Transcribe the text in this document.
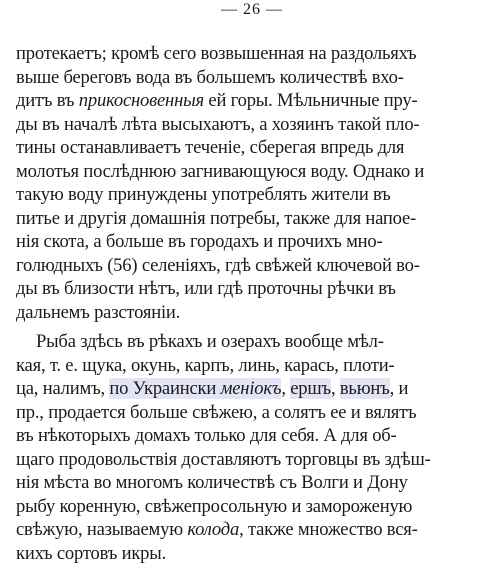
— 26 —
протекаетъ; кромѣ сего возвышенная на раздольяхъ
выше береговъ вода въ большемъ количествѣ вхо-
дитъ въ прикосновенныя ей горы. Мѣльничные пру-
ды въ началѣ лѣта высыхаютъ, а хозяинъ такой пло-
тины останавливаетъ теченіе, сберегая впредь для
молотья послѣднюю загнивающуюся воду. Однако и
такую воду принуждены употреблять жители въ
питье и другія домашнія потребы, также для напое-
нія скота, а больше въ городахъ и прочихъ мно-
голюдныхъ (56) селеніяхъ, гдѣ свѣжей ключевой во-
ды въ близости нѣтъ, или гдѣ проточны рѣчки въ
дальнемъ разстояніи.
Рыба здѣсь въ рѣкахъ и озерахъ вообще мѣл-
кая, т. е. щука, окунь, карпъ, линь, карась, плоти-
ца, налимъ, по Украински меніокъ, ершъ, вьюнъ, и
пр., продается больше свѣжею, а солятъ ее и вялятъ
въ нѣкоторыхъ домахъ только для себя. А для об-
щаго продовольствія доставляютъ торговцы въ здѣш-
нія мѣста во многомъ количествѣ съ Волги и Дону
рыбу коренную, свѣжепросольную и замороженую
свѣжую, называемую колода, также множество вся-
кихъ сортовъ икры.
